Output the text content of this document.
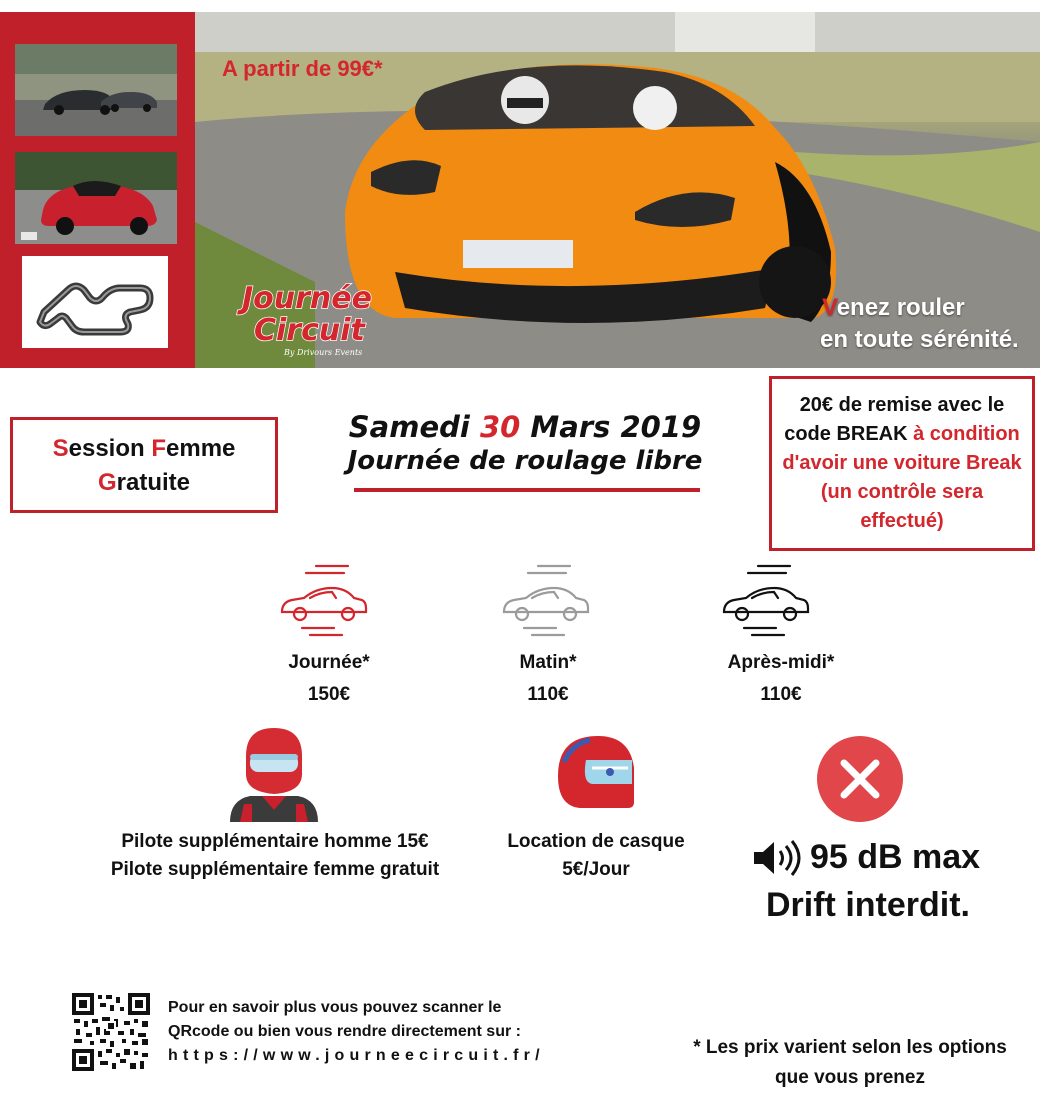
A partir de 99€*
Journée
Circuit
By Drivours Events
Venez rouler
en toute sérénité.
Session Femme
Gratuite
Samedi 30 Mars 2019
Journée de roulage libre
20€ de remise avec le
code BREAK à condition
d'avoir une voiture Break
(un contrôle sera
effectué)
Journée*
150€
Matin*
110€
Après-midi*
110€
Pilote supplémentaire homme 15€
Pilote supplémentaire femme gratuit
Location de casque
5€/Jour	95 dB max
Drift interdit.
Pour en savoir plus vous pouvez scanner le
QRcode ou bien vous rendre directement sur :
https://www.journeecircuit.fr/	* Les prix varient selon les options
que vous prenez
